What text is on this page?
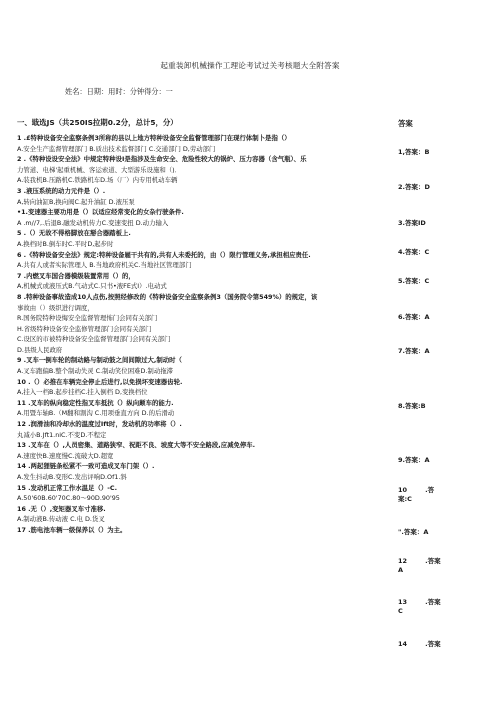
起重装卸机械操作工理论考试过关考核题大全附答案
姓名：日期：用时：分钟得分：一
一、戢选JS（共250IS拉期0.2分，总计5，分）	答案
1 .£特种设备安全监察条例3所称的县以上地方特种设备安全监督管理部门在现行体制卜是指（）
A.安全生产监督管理部门 B.质出技术监督部门 C.交通部门 D,劳动部门
2 .《特种设设安全法》中规定特种设I是指涉及生命安全、危险性较大的锅炉、压力容器（含气瓶）、乐
力管道、电梯'起重机械、客运索道、大型游乐设施和（)．
A.装我机B.压路机C.铁路机车D.场（厂）内专用机动车辆
3 .液压系统的动力元件是（）.
A,转向油缸B,换向阀C.起升油缸 D.液压泵
•1.变速器主要功用是（）以适应经常变化的女杂行驶条件.
A .m//7,.后退B.融发动机传力C.变速变扭 D.动力输入
5 .（）无故不得格脚放在掰合器踏板上.
A.换档时B.倒车时C.平时D,起步时
6 .《特种设备安全法》规定:特种设备屣干共有的,共有人未委托的，由（）限行管理义务,承担相应贵任.
A.共有人或者实际管理人 B.当地政府机关C.当地社区管理部门
7 .内燃叉车国合器模级装置常用（）的，
A,机械式或液压式B.气动式C.只书•液FE式I）.电动式
8 .特种设备事故造成10人点伤,按照经修改的《特种设备安全监察条例3（国务院令第549%）的规定，该
事故由（）级织进行调度，
R.国务院特种设悔安全监督管理怖门会同有关部门
H.省级特种设备安全监修管理部门会同有关部门
C.设区的市被特种设备安全监督管理部门会同有关部门
D.县级人民政府
9 .叉车一倒车轮的制动路与制动鼓之间间隙过大,制动时（
A.叉车跑偏B.整个制动失灵 C.制动笑位困难D.制动拖滞
10 .（）必推在车辆完全停止后进行,以免损坏变速器齿轮.
A,挂入一档B.起步挂档C.挂入倒档 D,变换档位
11 .叉车的纵向稳定性指叉车抵抗（）纵向颠车的能力.
A.用暨车轴B.（M翻和割沟 C.用项垂直方向 D.的后滑动
12 .润滑油和冷却水的温度过Ift时，发动机的功率将（）.
丸减小B.Jft1.niC.不变D.不程定
13 .叉车在（）,人员密集、道路狭窄、祝距不良、坡度大等不安全路段,应减免停车.
A.速度快B.速度慢C.流破大D.超宽
14 .两起狸链条松紧不一致可造成叉车门架（）.
A.发生抖动B.变形C.发出评响D.Of1.斜
15 .发动机正常工作水温足（）-C.
A.50'60B.60'70C.80～90D.90'95
16 .无（）,变矩器叉车寸准移.
A.制动液B.传动液 C.电 D.货叉
17 .筋电池车辆一级保养以（）为主。
1,答案：B
2.答案：D
3.答案ID
4.答案：C
5.答案：C
6.答案：A
7.答案：A
8.答案:B
9.答案：A
10        .答
案:C
".答案：A
12        .答案
A
13        .答案
C
14        .答案
